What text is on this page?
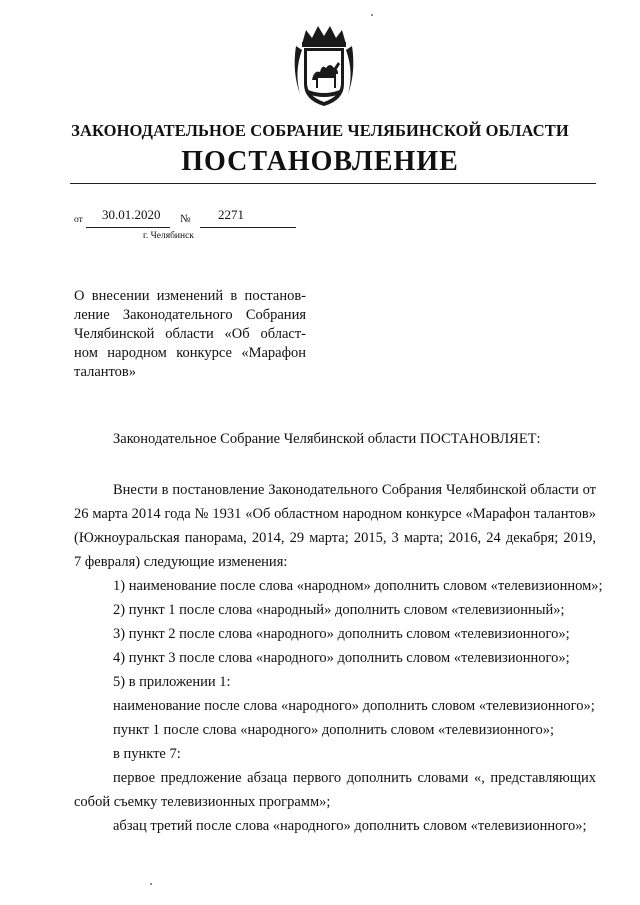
ЗАКОНОДАТЕЛЬНОЕ СОБРАНИЕ ЧЕЛЯБИНСКОЙ ОБЛАСТИ
ПОСТАНОВЛЕНИЕ
от 30.01.2020 № 2271
г. Челябинск
О внесении изменений в постанов-
ление Законодательного Собрания
Челябинской области «Об област-
ном народном конкурсе «Марафон
талантов»
Законодательное Собрание Челябинской области ПОСТАНОВЛЯЕТ:
Внести в постановление Законодательного Собрания Челябинской области от
26 марта 2014 года № 1931 «Об областном народном конкурсе «Марафон талантов»
(Южноуральская панорама, 2014, 29 марта; 2015, 3 марта; 2016, 24 декабря; 2019,
7 февраля) следующие изменения:
1) наименование после слова «народном» дополнить словом «телевизионном»;
2) пункт 1 после слова «народный» дополнить словом «телевизионный»;
3) пункт 2 после слова «народного» дополнить словом «телевизионного»;
4) пункт 3 после слова «народного» дополнить словом «телевизионного»;
5) в приложении 1:
наименование после слова «народного» дополнить словом «телевизионного»;
пункт 1 после слова «народного» дополнить словом «телевизионного»;
в пункте 7:
первое предложение абзаца первого дополнить словами «, представляющих
собой съемку телевизионных программ»;
абзац третий после слова «народного» дополнить словом «телевизионного»;
